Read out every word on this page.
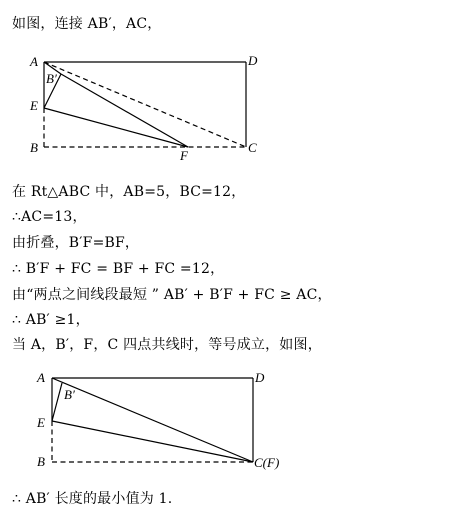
如图，连接 AB′，AC，
A	D
B′
E
B
F
C
在 Rt△ABC 中，AB=5，BC=12，
∴AC=13，
由折叠，B′F=BF，
∴ B′F + FC = BF + FC =12，
由“两点之间线段最短 ” AB′ + B′F + FC ≥ AC，
∴ AB′ ≥1，
当 A，B′，F，C 四点共线时，等号成立，如图，
A	D
B′
E
B	C(F)
∴ AB′ 长度的最小值为 1.
